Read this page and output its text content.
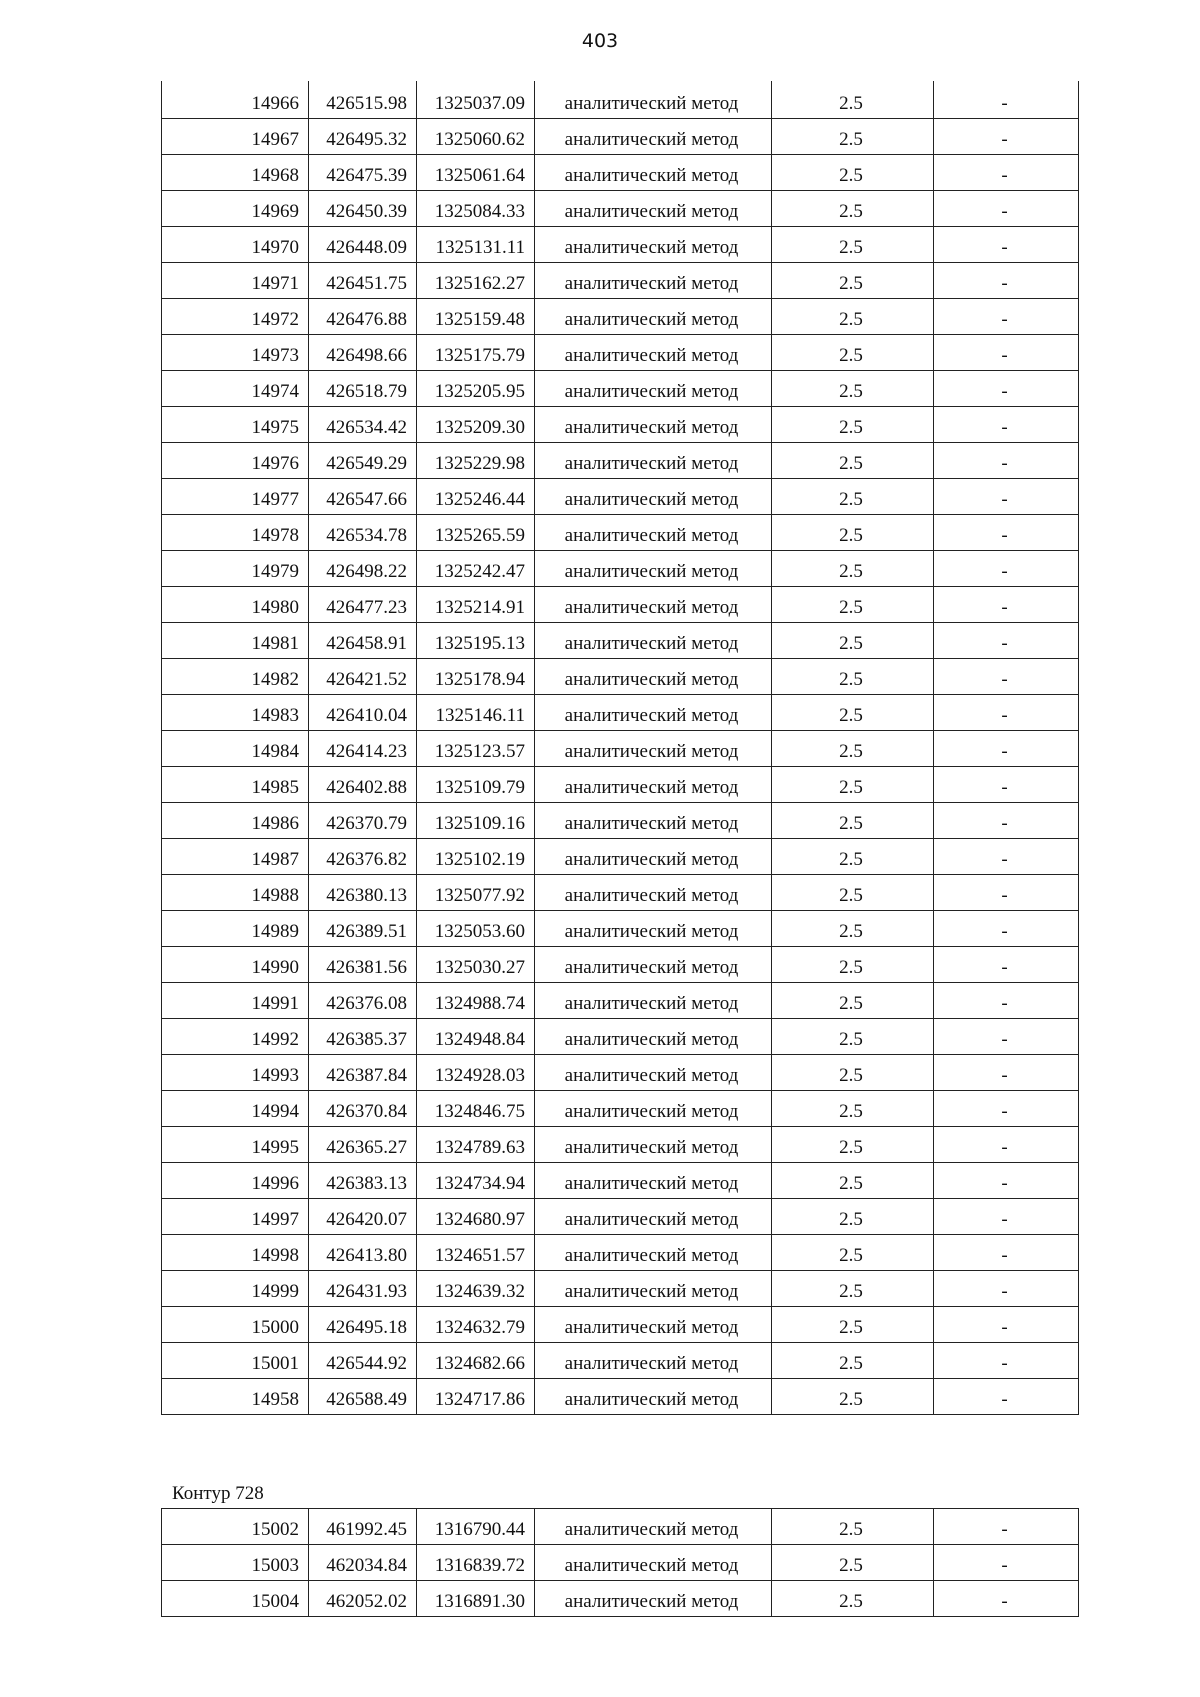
403
14966	426515.98	1325037.09	аналитический метод	2.5	-
14967	426495.32	1325060.62	аналитический метод	2.5	-
14968	426475.39	1325061.64	аналитический метод	2.5	-
14969	426450.39	1325084.33	аналитический метод	2.5	-
14970	426448.09	1325131.11	аналитический метод	2.5	-
14971	426451.75	1325162.27	аналитический метод	2.5	-
14972	426476.88	1325159.48	аналитический метод	2.5	-
14973	426498.66	1325175.79	аналитический метод	2.5	-
14974	426518.79	1325205.95	аналитический метод	2.5	-
14975	426534.42	1325209.30	аналитический метод	2.5	-
14976	426549.29	1325229.98	аналитический метод	2.5	-
14977	426547.66	1325246.44	аналитический метод	2.5	-
14978	426534.78	1325265.59	аналитический метод	2.5	-
14979	426498.22	1325242.47	аналитический метод	2.5	-
14980	426477.23	1325214.91	аналитический метод	2.5	-
14981	426458.91	1325195.13	аналитический метод	2.5	-
14982	426421.52	1325178.94	аналитический метод	2.5	-
14983	426410.04	1325146.11	аналитический метод	2.5	-
14984	426414.23	1325123.57	аналитический метод	2.5	-
14985	426402.88	1325109.79	аналитический метод	2.5	-
14986	426370.79	1325109.16	аналитический метод	2.5	-
14987	426376.82	1325102.19	аналитический метод	2.5	-
14988	426380.13	1325077.92	аналитический метод	2.5	-
14989	426389.51	1325053.60	аналитический метод	2.5	-
14990	426381.56	1325030.27	аналитический метод	2.5	-
14991	426376.08	1324988.74	аналитический метод	2.5	-
14992	426385.37	1324948.84	аналитический метод	2.5	-
14993	426387.84	1324928.03	аналитический метод	2.5	-
14994	426370.84	1324846.75	аналитический метод	2.5	-
14995	426365.27	1324789.63	аналитический метод	2.5	-
14996	426383.13	1324734.94	аналитический метод	2.5	-
14997	426420.07	1324680.97	аналитический метод	2.5	-
14998	426413.80	1324651.57	аналитический метод	2.5	-
14999	426431.93	1324639.32	аналитический метод	2.5	-
15000	426495.18	1324632.79	аналитический метод	2.5	-
15001	426544.92	1324682.66	аналитический метод	2.5	-
14958	426588.49	1324717.86	аналитический метод	2.5	-
Контур 728
15002	461992.45	1316790.44	аналитический метод	2.5	-
15003	462034.84	1316839.72	аналитический метод	2.5	-
15004	462052.02	1316891.30	аналитический метод	2.5	-
